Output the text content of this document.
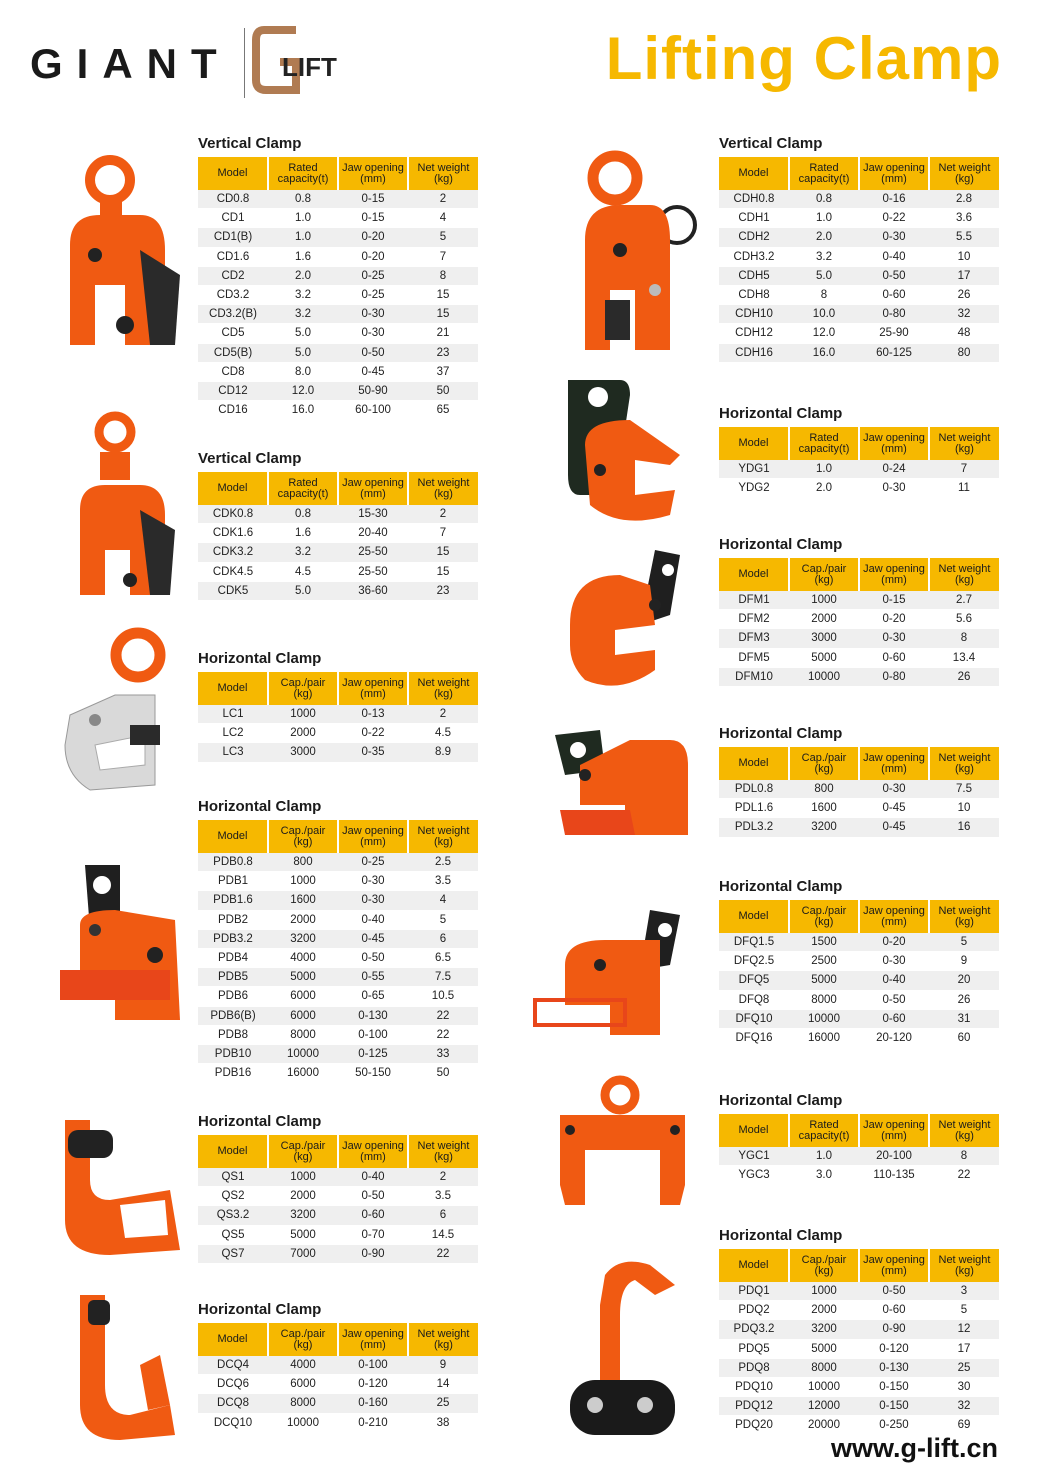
GIANT LIFT	Lifting Clamp
Vertical Clamp
Model	Rated capacity(t)	Jaw opening (mm)	Net weight (kg)
CD0.8	0.8	0-15	2
CD1	1.0	0-15	4
CD1(B)	1.0	0-20	5
CD1.6	1.6	0-20	7
CD2	2.0	0-25	8
CD3.2	3.2	0-25	15
CD3.2(B)	3.2	0-30	15
CD5	5.0	0-30	21
CD5(B)	5.0	0-50	23
CD8	8.0	0-45	37
CD12	12.0	50-90	50
CD16	16.0	60-100	65
Vertical Clamp
Model	Rated capacity(t)	Jaw opening (mm)	Net weight (kg)
CDK0.8	0.8	15-30	2
CDK1.6	1.6	20-40	7
CDK3.2	3.2	25-50	15
CDK4.5	4.5	25-50	15
CDK5	5.0	36-60	23
Horizontal Clamp
Model	Cap./pair (kg)	Jaw opening (mm)	Net weight (kg)
LC1	1000	0-13	2
LC2	2000	0-22	4.5
LC3	3000	0-35	8.9
Horizontal Clamp
Model	Cap./pair (kg)	Jaw opening (mm)	Net weight (kg)
PDB0.8	800	0-25	2.5
PDB1	1000	0-30	3.5
PDB1.6	1600	0-30	4
PDB2	2000	0-40	5
PDB3.2	3200	0-45	6
PDB4	4000	0-50	6.5
PDB5	5000	0-55	7.5
PDB6	6000	0-65	10.5
PDB6(B)	6000	0-130	22
PDB8	8000	0-100	22
PDB10	10000	0-125	33
PDB16	16000	50-150	50
Horizontal Clamp
Model	Cap./pair (kg)	Jaw opening (mm)	Net weight (kg)
QS1	1000	0-40	2
QS2	2000	0-50	3.5
QS3.2	3200	0-60	6
QS5	5000	0-70	14.5
QS7	7000	0-90	22
Horizontal Clamp
Model	Cap./pair (kg)	Jaw opening (mm)	Net weight (kg)
DCQ4	4000	0-100	9
DCQ6	6000	0-120	14
DCQ8	8000	0-160	25
DCQ10	10000	0-210	38
Vertical Clamp
Model	Rated capacity(t)	Jaw opening (mm)	Net weight (kg)
CDH0.8	0.8	0-16	2.8
CDH1	1.0	0-22	3.6
CDH2	2.0	0-30	5.5
CDH3.2	3.2	0-40	10
CDH5	5.0	0-50	17
CDH8	8	0-60	26
CDH10	10.0	0-80	32
CDH12	12.0	25-90	48
CDH16	16.0	60-125	80
Horizontal Clamp
Model	Rated capacity(t)	Jaw opening (mm)	Net weight (kg)
YDG1	1.0	0-24	7
YDG2	2.0	0-30	11
Horizontal Clamp
Model	Cap./pair (kg)	Jaw opening (mm)	Net weight (kg)
DFM1	1000	0-15	2.7
DFM2	2000	0-20	5.6
DFM3	3000	0-30	8
DFM5	5000	0-60	13.4
DFM10	10000	0-80	26
Horizontal Clamp
Model	Cap./pair (kg)	Jaw opening (mm)	Net weight (kg)
PDL0.8	800	0-30	7.5
PDL1.6	1600	0-45	10
PDL3.2	3200	0-45	16
Horizontal Clamp
Model	Cap./pair (kg)	Jaw opening (mm)	Net weight (kg)
DFQ1.5	1500	0-20	5
DFQ2.5	2500	0-30	9
DFQ5	5000	0-40	20
DFQ8	8000	0-50	26
DFQ10	10000	0-60	31
DFQ16	16000	20-120	60
Horizontal Clamp
Model	Rated capacity(t)	Jaw opening (mm)	Net weight (kg)
YGC1	1.0	20-100	8
YGC3	3.0	110-135	22
Horizontal Clamp
Model	Cap./pair (kg)	Jaw opening (mm)	Net weight (kg)
PDQ1	1000	0-50	3
PDQ2	2000	0-60	5
PDQ3.2	3200	0-90	12
PDQ5	5000	0-120	17
PDQ8	8000	0-130	25
PDQ10	10000	0-150	30
PDQ12	12000	0-150	32
PDQ20	20000	0-250	69
www.g-lift.cn
